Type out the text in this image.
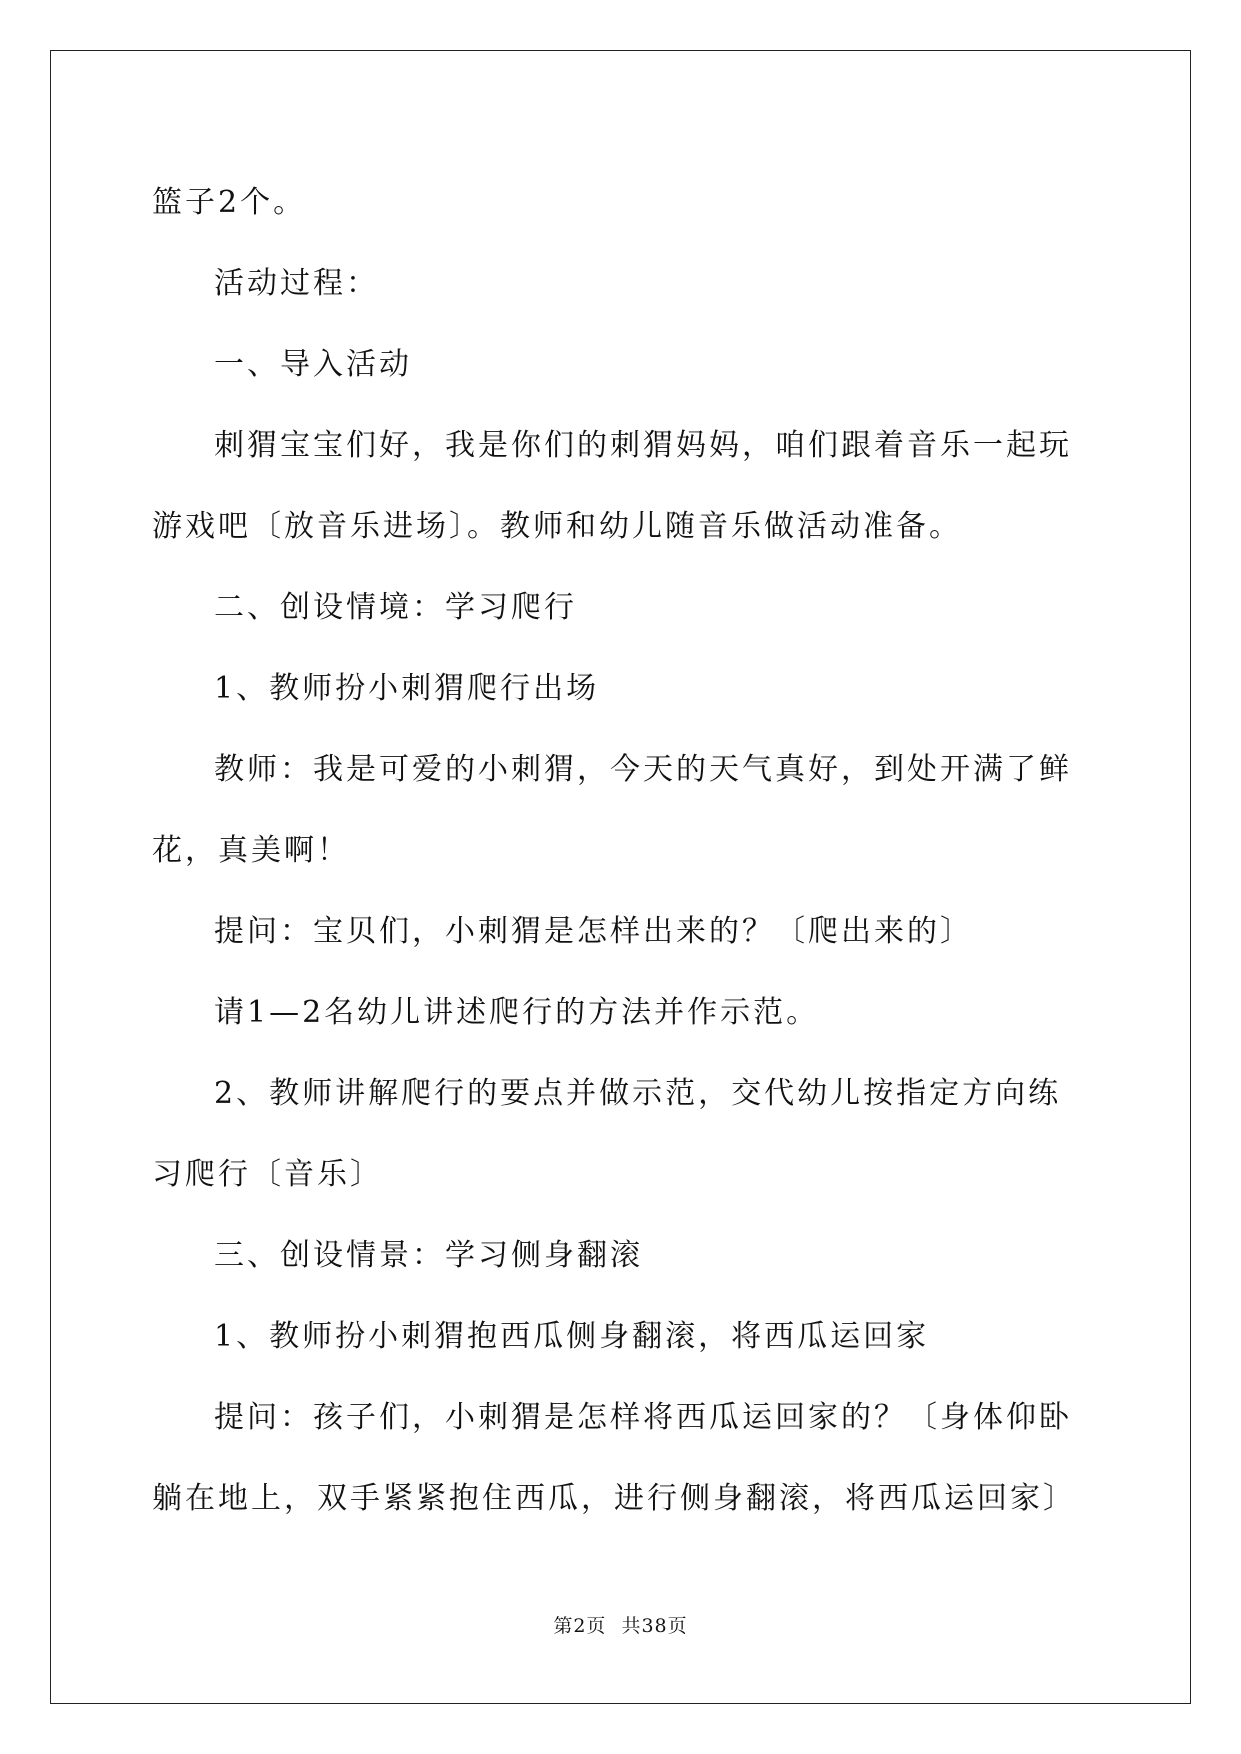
篮子2个。

活动过程：

一、导入活动

刺猬宝宝们好，我是你们的刺猬妈妈，咱们跟着音乐一起玩游戏吧〔放音乐进场〕。教师和幼儿随音乐做活动准备。

二、创设情境：学习爬行

1、教师扮小刺猬爬行出场

教师：我是可爱的小刺猬，今天的天气真好，到处开满了鲜花，真美啊！

提问：宝贝们，小刺猬是怎样出来的？〔爬出来的〕

请1—2名幼儿讲述爬行的方法并作示范。

2、教师讲解爬行的要点并做示范，交代幼儿按指定方向练习爬行〔音乐〕

三、创设情景：学习侧身翻滚

1、教师扮小刺猬抱西瓜侧身翻滚，将西瓜运回家

提问：孩子们，小刺猬是怎样将西瓜运回家的？〔身体仰卧躺在地上，双手紧紧抱住西瓜，进行侧身翻滚，将西瓜运回家〕

第2页 共38页
